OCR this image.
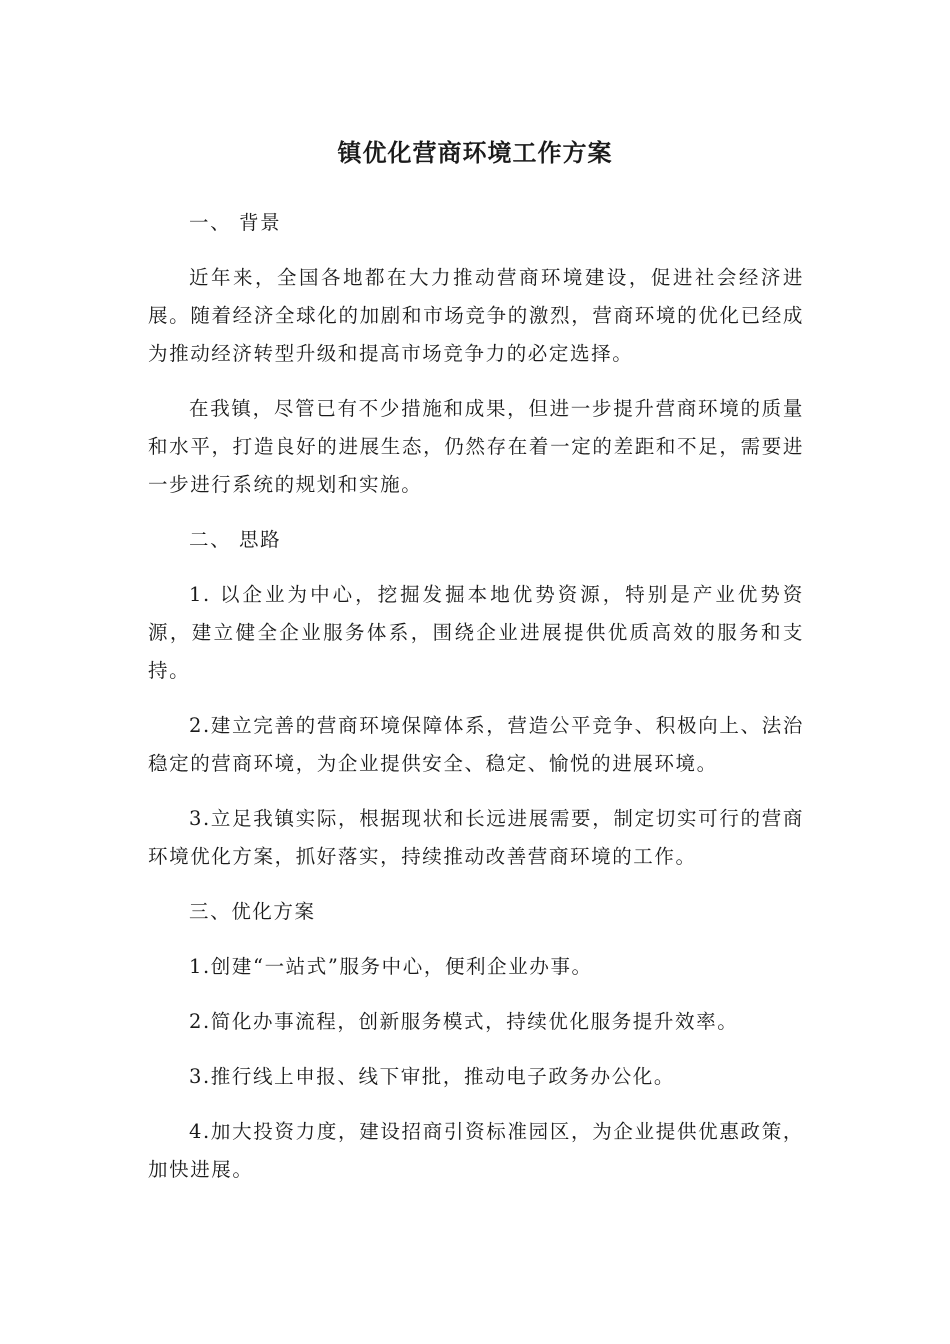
镇优化营商环境工作方案

一、 背景

近年来，全国各地都在大力推动营商环境建设，促进社会经济进展。随着经济全球化的加剧和市场竞争的激烈，营商环境的优化已经成为推动经济转型升级和提高市场竞争力的必定选择。

在我镇，尽管已有不少措施和成果，但进一步提升营商环境的质量和水平，打造良好的进展生态，仍然存在着一定的差距和不足，需要进一步进行系统的规划和实施。

二、 思路

1. 以企业为中心，挖掘发掘本地优势资源，特别是产业优势资源，建立健全企业服务体系，围绕企业进展提供优质高效的服务和支持。

2.建立完善的营商环境保障体系，营造公平竞争、积极向上、法治稳定的营商环境，为企业提供安全、稳定、愉悦的进展环境。

3.立足我镇实际，根据现状和长远进展需要，制定切实可行的营商环境优化方案，抓好落实，持续推动改善营商环境的工作。

三、优化方案

1.创建“一站式”服务中心，便利企业办事。

2.简化办事流程，创新服务模式，持续优化服务提升效率。

3.推行线上申报、线下审批，推动电子政务办公化。

4.加大投资力度，建设招商引资标准园区，为企业提供优惠政策，加快进展。
